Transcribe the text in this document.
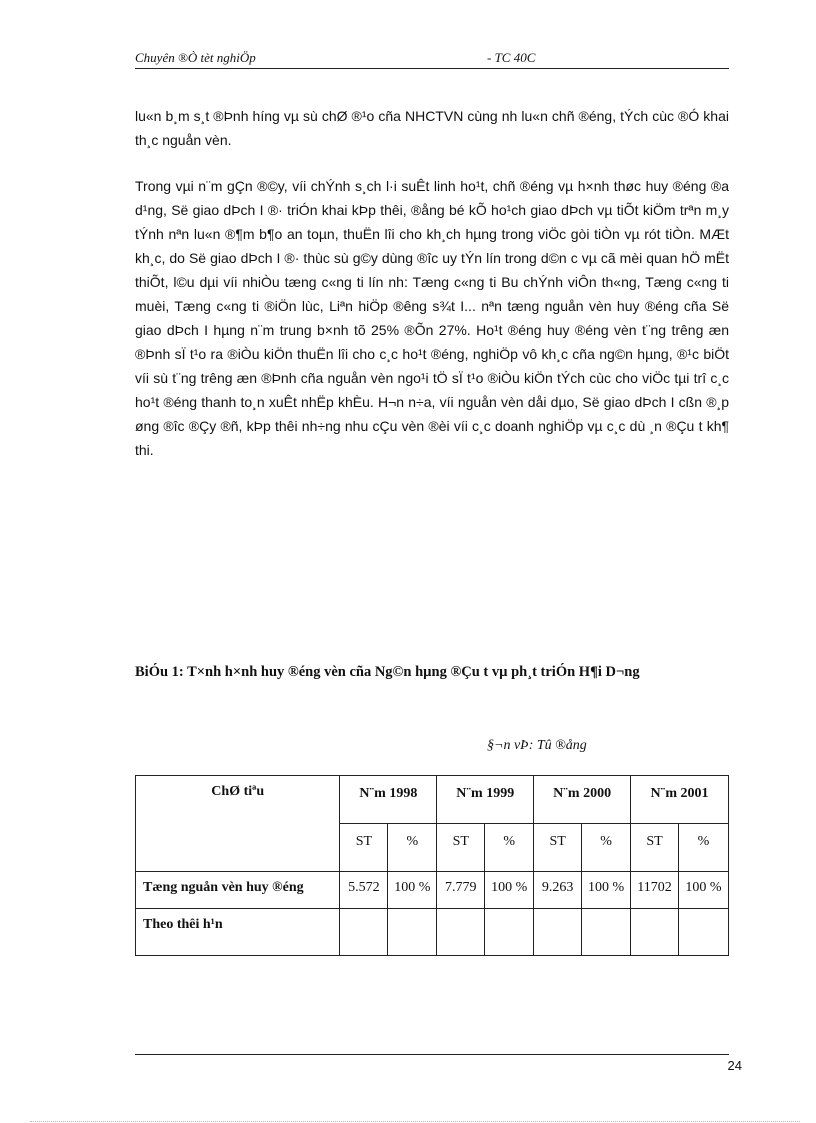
Chuyên ®Ò tèt nghiÖp	- TC 40C

lu«n b¸m s¸t ®Þnh híng vµ sù chØ ®¹o cña NHCTVN cùng nh lu«n chñ ®éng, tÝch cùc ®Ó khai th¸c nguån vèn.

Trong vµi n¨m gÇn ®©y, víi chÝnh s¸ch l·i suÊt linh ho¹t, chñ ®éng vµ h×nh thøc huy ®éng ®a d¹ng, Së giao dÞch I ®· triÓn khai kÞp thêi, ®ång bé kÕ ho¹ch giao dÞch vµ tiÕt kiÖm trªn m¸y tÝnh nªn lu«n ®¶m b¶o an toµn, thuËn lîi cho kh¸ch hµng trong viÖc gòi tiÒn vµ rót tiÒn. MÆt kh¸c, do Së giao dÞch I ®· thùc sù g©y dùng ®îc uy tÝn lín trong d©n c vµ cã mèi quan hÖ mËt thiÕt, l©u dµi víi nhiÒu tæng c«ng ti lín nh: Tæng c«ng ti Bu chÝnh viÔn th«ng, Tæng c«ng ti muèi, Tæng c«ng ti ®iÖn lùc, Liªn hiÖp ®êng s¾t I... nªn tæng nguån vèn huy ®éng cña Së giao dÞch I hµng n¨m trung b×nh tõ 25% ®Õn 27%. Ho¹t ®éng huy ®éng vèn t¨ng trêng æn ®Þnh sÏ t¹o ra ®iÒu kiÖn thuËn lîi cho c¸c ho¹t ®éng, nghiÖp vô kh¸c cña ng©n hµng, ®¹c biÖt víi sù t¨ng trêng æn ®Þnh cña nguån vèn ngo¹i tÖ sÏ t¹o ®iÒu kiÖn tÝch cùc cho viÖc tµi trî c¸c ho¹t ®éng thanh to¸n xuÊt nhËp khÈu. H¬n n÷a, víi nguån vèn dåi dµo, Së giao dÞch I cßn ®¸p øng ®îc ®Çy ®ñ, kÞp thêi nh÷ng nhu cÇu vèn ®èi víi c¸c doanh nghiÖp vµ c¸c dù ¸n ®Çu t kh¶ thi.

BiÓu 1: T×nh h×nh huy ®éng vèn cña Ng©n hµng ®Çu t vµ ph¸t triÓn H¶i D¬ng
§¬n vÞ: Tû ®ång
ChØ tiªu	N¨m 1998		N¨m 1999		N¨m 2000		N¨m 2001	
	ST	%	ST	%	ST	%	ST	%
Tæng nguån vèn huy ®éng	5.572	100 %	7.779	100 %	9.263	100 %	11702	100 %
Theo thêi h¹n								
24
